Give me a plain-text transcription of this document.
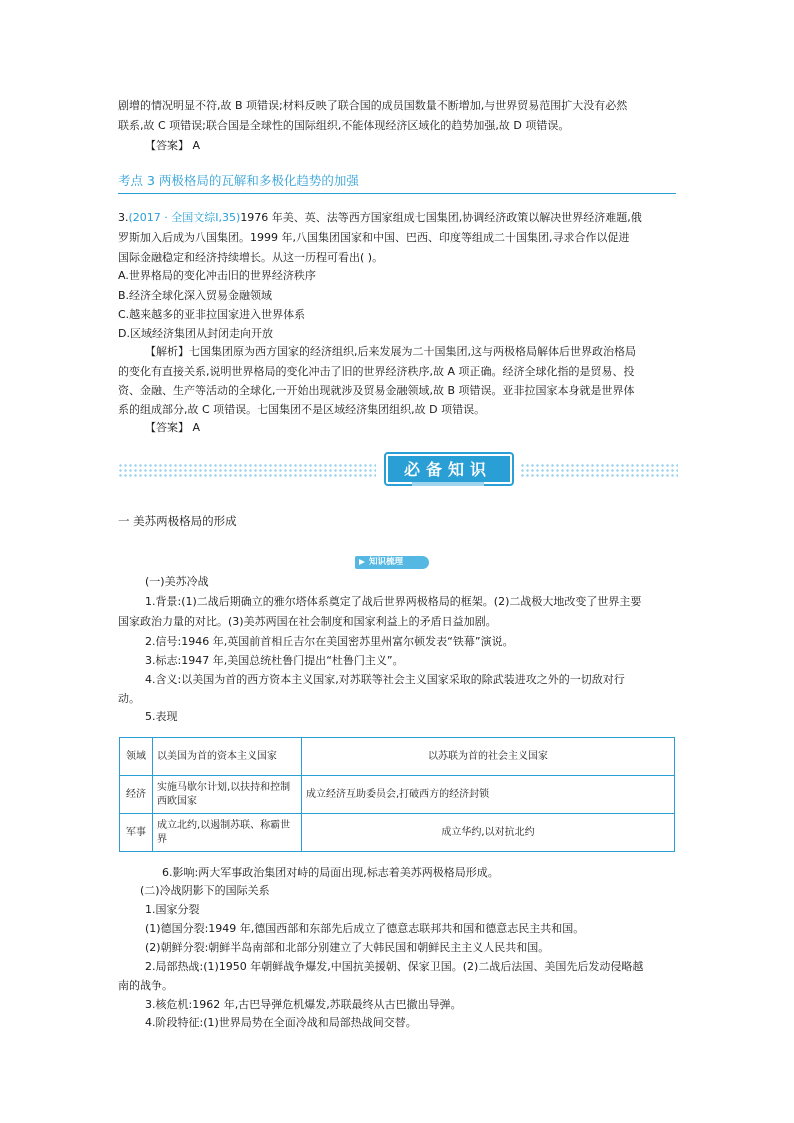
剧增的情况明显不符,故 B 项错误;材料反映了联合国的成员国数量不断增加,与世界贸易范围扩大没有必然

联系,故 C 项错误;联合国是全球性的国际组织,不能体现经济区域化的趋势加强,故 D 项错误。

【答案】 A

考点 3 两极格局的瓦解和多极化趋势的加强

3.(2017 · 全国文综Ⅰ,35)1976 年美、英、法等西方国家组成七国集团,协调经济政策以解决世界经济难题,俄

罗斯加入后成为八国集团。1999 年,八国集团国家和中国、巴西、印度等组成二十国集团,寻求合作以促进

国际金融稳定和经济持续增长。从这一历程可看出( )。

A.世界格局的变化冲击旧的世界经济秩序

B.经济全球化深入贸易金融领域

C.越来越多的亚非拉国家进入世界体系

D.区域经济集团从封闭走向开放

【解析】七国集团原为西方国家的经济组织,后来发展为二十国集团,这与两极格局解体后世界政治格局

的变化有直接关系,说明世界格局的变化冲击了旧的世界经济秩序,故 A 项正确。经济全球化指的是贸易、投

资、金融、生产等活动的全球化,一开始出现就涉及贸易金融领域,故 B 项错误。亚非拉国家本身就是世界体

系的组成部分,故 C 项错误。七国集团不是区域经济集团组织,故 D 项错误。

【答案】 A

必备知识

一 美苏两极格局的形成

知识梳理

(一)美苏冷战

1.背景:(1)二战后期确立的雅尔塔体系奠定了战后世界两极格局的框架。(2)二战极大地改变了世界主要

国家政治力量的对比。(3)美苏两国在社会制度和国家利益上的矛盾日益加剧。

2.信号:1946 年,英国前首相丘吉尔在美国密苏里州富尔顿发表“铁幕”演说。

3.标志:1947 年,美国总统杜鲁门提出“杜鲁门主义”。

4.含义:以美国为首的西方资本主义国家,对苏联等社会主义国家采取的除武装进攻之外的一切敌对行

动。

5.表现

领域	以美国为首的资本主义国家	以苏联为首的社会主义国家
经济	实施马歇尔计划,以扶持和控制西欧国家	成立经济互助委员会,打破西方的经济封锁
军事	成立北约,以遏制苏联、称霸世界	成立华约,以对抗北约

6.影响:两大军事政治集团对峙的局面出现,标志着美苏两极格局形成。

(二)冷战阴影下的国际关系

1.国家分裂

(1)德国分裂:1949 年,德国西部和东部先后成立了德意志联邦共和国和德意志民主共和国。

(2)朝鲜分裂:朝鲜半岛南部和北部分别建立了大韩民国和朝鲜民主主义人民共和国。

2.局部热战:(1)1950 年朝鲜战争爆发,中国抗美援朝、保家卫国。(2)二战后法国、美国先后发动侵略越

南的战争。

3.核危机:1962 年,古巴导弹危机爆发,苏联最终从古巴撤出导弹。

4.阶段特征:(1)世界局势在全面冷战和局部热战间交替。
